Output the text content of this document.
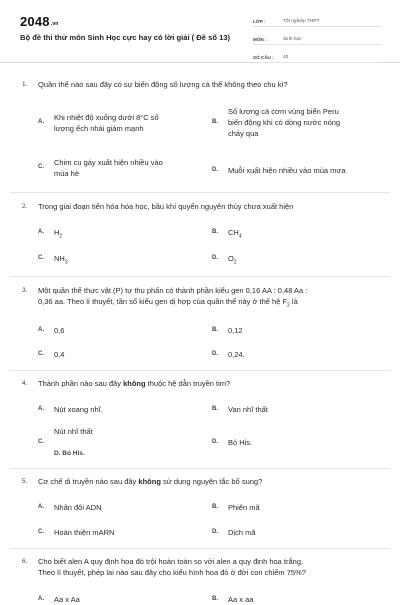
2048.vn
Bộ đề thi thử môn Sinh Học cực hay có lời giải ( Đề số 13)
LỚP :	Tốt nghiệp THPT
MÔN :	Sinh học
SỐ CÂU :	40
1.	Quần thể nào sau đây có sự biến động số lượng cá thể không theo chu kì?
A.	Khi nhiệt độ xuống dưới 8°C số
lượng ếch nhái giảm mạnh
B.
Số lượng cá cơm vùng biển Peru
biến động khi có dòng nước nóng
chảy qua
C.	Chim cu gáy xuất hiện nhiều vào
mùa hè	D.	Muỗi xuất hiện nhiều vào mùa mưa
2.	Trong giai đoạn tiến hóa hóa học, bầu khí quyển nguyên thủy chưa xuất hiện
A.	$H_2$
B.	$CH_4$
C.	$NH_3$
D.	$O_2$
3.	Một quần thể thực vật (P) tự thụ phấn có thành phần kiểu gen 0,16 AA : 0,48 Aa :
0,36 aa. Theo lí thuyết, tần số kiểu gen dị hợp của quần thể này ở thế hệ $F_2$ là
A.	0,6	B.	0,12
C.	0,4	D.	0,24.
4.	Thành phần nào sau đây không thuộc hệ dẫn truyền tim?
A.	Nút xoang nhĩ.	B.	Van nhĩ thất
C.
Nút nhĩ thất
D. Bó His.
D.	Bó His.
5.	Cơ chế di truyền nào sau đây không sử dụng nguyên tắc bổ sung?
A.	Nhân đôi ADN	B.	Phiên mã
C.	Hoàn thiện mARN	D.	Dịch mã
6.	Cho biết alen A quy định hoa đỏ trội hoàn toàn so với alen a quy định hoa trắng.
Theo lí thuyết, phép lai nào sau đây cho kiểu hình hoa đỏ ở đời con chiếm 75%?
A.	Aa x Aa	B.	Aa x aa
